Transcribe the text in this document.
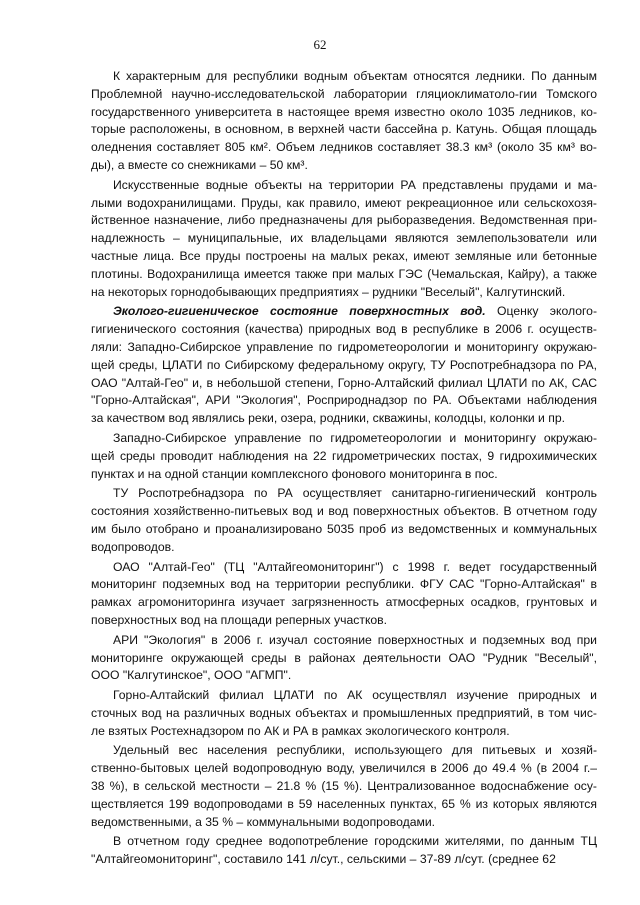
62
К характерным для республики водным объектам относятся ледники. По данным
Проблемной научно-исследовательской лаборатории гляциоклиматоло-гии Томского
государственного университета в настоящее время известно около 1035 ледников, ко-
торые расположены, в основном, в верхней части бассейна р. Катунь. Общая площадь
оледнения составляет 805 км². Объем ледников составляет 38.3 км³ (около 35 км³ во-
ды), а вместе со снежниками – 50 км³.
Искусственные водные объекты на территории РА представлены прудами и ма-
лыми водохранилищами. Пруды, как правило, имеют рекреационное или сельскохозя-
йственное назначение, либо предназначены для рыборазведения. Ведомственная при-
надлежность – муниципальные, их владельцами являются землепользователи или
частные лица. Все пруды построены на малых реках, имеют земляные или бетонные
плотины. Водохранилища имеется также при малых ГЭС (Чемальская, Кайру), а также
на некоторых горнодобывающих предприятиях – рудники "Веселый", Калгутинский.
Эколого-гигиеническое состояние поверхностных вод. Оценку эколого-
гигиенического состояния (качества) природных вод в республике в 2006 г. осуществ-
ляли: Западно-Сибирское управление по гидрометеорологии и мониторингу окружаю-
щей среды, ЦЛАТИ по Сибирскому федеральному округу, ТУ Роспотребнадзора по РА,
ОАО "Алтай-Гео" и, в небольшой степени, Горно-Алтайский филиал ЦЛАТИ по АК, САС
"Горно-Алтайская", АРИ "Экология", Росприроднадзор по РА. Объектами наблюдения
за качеством вод являлись реки, озера, родники, скважины, колодцы, колонки и пр.
Западно-Сибирское управление по гидрометеорологии и мониторингу окружаю-
щей среды проводит наблюдения на 22 гидрометрических постах, 9 гидрохимических
пунктах и на одной станции комплексного фонового мониторинга в пос.
ТУ Роспотребнадзора по РА осуществляет санитарно-гигиенический контроль
состояния хозяйственно-питьевых вод и вод поверхностных объектов. В отчетном году
им было отобрано и проанализировано 5035 проб из ведомственных и коммунальных
водопроводов.
ОАО "Алтай-Гео" (ТЦ "Алтайгеомониторинг") с 1998 г. ведет государственный
мониторинг подземных вод на территории республики. ФГУ САС "Горно-Алтайская" в
рамках агромониторинга изучает загрязненность атмосферных осадков, грунтовых и
поверхностных вод на площади реперных участков.
АРИ "Экология" в 2006 г. изучал состояние поверхностных и подземных вод при
мониторинге окружающей среды в районах деятельности ОАО "Рудник "Веселый",
ООО "Калгутинское", ООО "АГМП".
Горно-Алтайский филиал ЦЛАТИ по АК осуществлял изучение природных и
сточных вод на различных водных объектах и промышленных предприятий, в том чис-
ле взятых Ростехнадзором по АК и РА в рамках экологического контроля.
Удельный вес населения республики, использующего для питьевых и хозяй-
ственно-бытовых целей водопроводную воду, увеличился в 2006 до 49.4 % (в 2004 г.–
38 %), в сельской местности – 21.8 % (15 %). Централизованное водоснабжение осу-
ществляется 199 водопроводами в 59 населенных пунктах, 65 % из которых являются
ведомственными, а 35 % – коммунальными водопроводами.
В отчетном году среднее водопотребление городскими жителями, по данным ТЦ
"Алтайгеомониторинг", составило 141 л/сут., сельскими – 37-89 л/сут. (среднее 62
